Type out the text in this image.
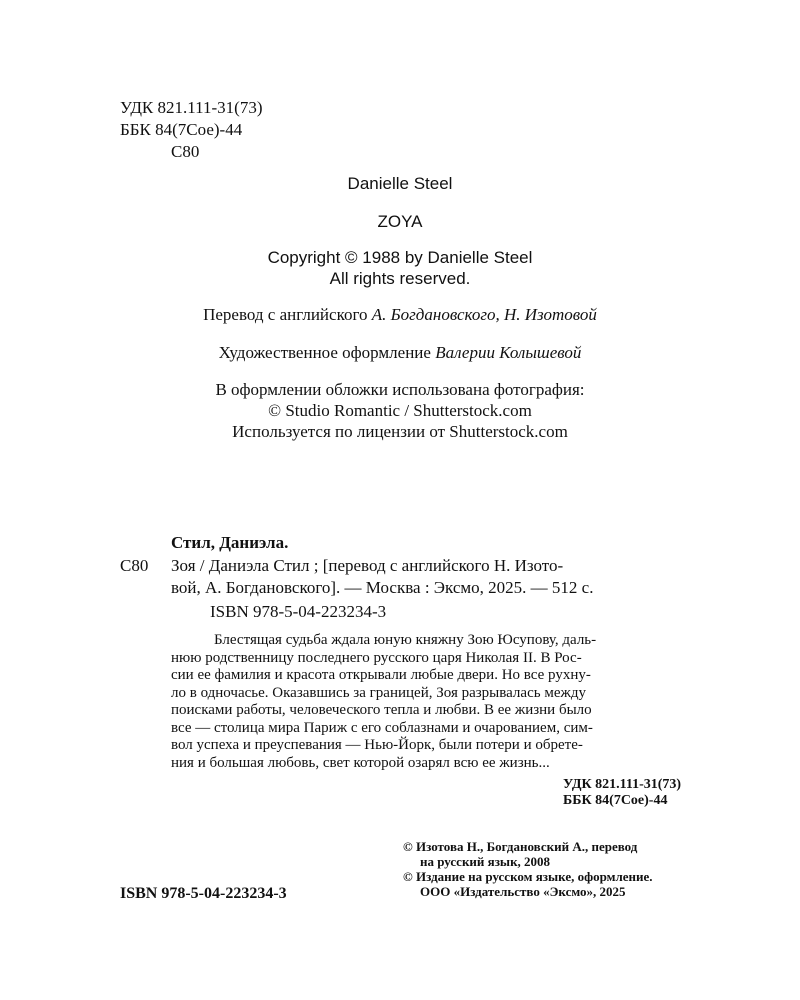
УДК 821.111-31(73)
ББК 84(7Сое)-44
С80
Danielle Steel
ZOYA
Copyright © 1988 by Danielle Steel
All rights reserved.
Перевод с английского А. Богдановского, Н. Изотовой
Художественное оформление Валерии Колышевой
В оформлении обложки использована фотография:
© Studio Romantic / Shutterstock.com
Используется по лицензии от Shutterstock.com
Стил, Даниэла.
С80 Зоя / Даниэла Стил ; [перевод с английского Н. Изото-
вой, А. Богдановского]. — Москва : Эксмо, 2025. — 512 с.
ISBN 978-5-04-223234-3
Блестящая судьба ждала юную княжну Зою Юсупову, даль-
нюю родственницу последнего русского царя Николая II. В Рос-
сии ее фамилия и красота открывали любые двери. Но все рухну-
ло в одночасье. Оказавшись за границей, Зоя разрывалась между
поисками работы, человеческого тепла и любви. В ее жизни было
все — столица мира Париж с его соблазнами и очарованием, сим-
вол успеха и преуспевания — Нью-Йорк, были потери и обрете-
ния и большая любовь, свет которой озарял всю ее жизнь...
УДК 821.111-31(73)
ББК 84(7Сое)-44
© Изотова Н., Богдановский А., перевод
на русский язык, 2008
© Издание на русском языке, оформление.
ООО «Издательство «Эксмо», 2025
ISBN 978-5-04-223234-3
